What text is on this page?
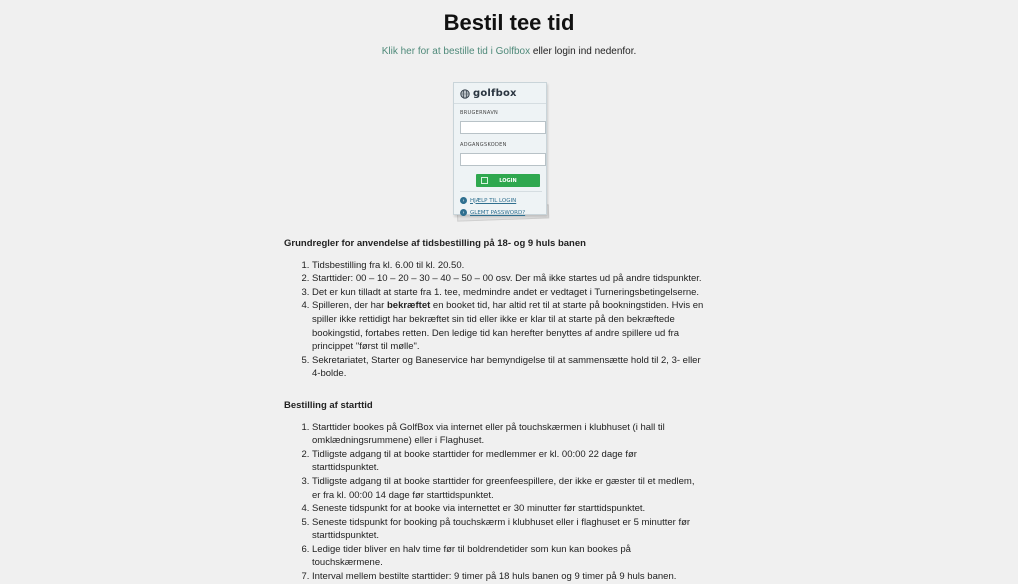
Bestil tee tid
Klik her for at bestille tid i Golfbox eller login ind nedenfor.
golfbox
BRUGERNAVN
ADGANGSKODEN
LOGIN
›	HJÆLP TIL LOGIN
›	GLEMT PASSWORD?
Grundregler for anvendelse af tidsbestilling på 18- og 9 huls banen
1. Tidsbestilling fra kl. 6.00 til kl. 20.50.
2. Starttider: 00 – 10 – 20 – 30 – 40 – 50 – 00 osv. Der må ikke startes ud på andre tidspunkter.
3. Det er kun tilladt at starte fra 1. tee, medmindre andet er vedtaget i Turneringsbetingelserne.
4. Spilleren, der har bekræftet en booket tid, har altid ret til at starte på bookningstiden. Hvis en spiller ikke rettidigt har bekræftet sin tid eller ikke er klar til at starte på den bekræftede bookingstid, fortabes retten. Den ledige tid kan herefter benyttes af andre spillere ud fra princippet "først til mølle".
5. Sekretariatet, Starter og Baneservice har bemyndigelse til at sammensætte hold til 2, 3- eller 4-bolde.
Bestilling af starttid
1. Starttider bookes på GolfBox via internet eller på touchskærmen i klubhuset (i hall til omklædningsrummene) eller i Flaghuset.
2. Tidligste adgang til at booke starttider for medlemmer er kl. 00:00 22 dage før starttidspunktet.
3. Tidligste adgang til at booke starttider for greenfeespillere, der ikke er gæster til et medlem, er fra kl. 00:00 14 dage før starttidspunktet.
4. Seneste tidspunkt for at booke via internettet er 30 minutter før starttidspunktet.
5. Seneste tidspunkt for booking på touchskærm i klubhuset eller i flaghuset er 5 minutter før starttidspunktet.
6. Ledige tider bliver en halv time før til boldrendetider som kun kan bookes på touchskærmene.
7. Interval mellem bestilte starttider: 9 timer på 18 huls banen og 9 timer på 9 huls banen.
